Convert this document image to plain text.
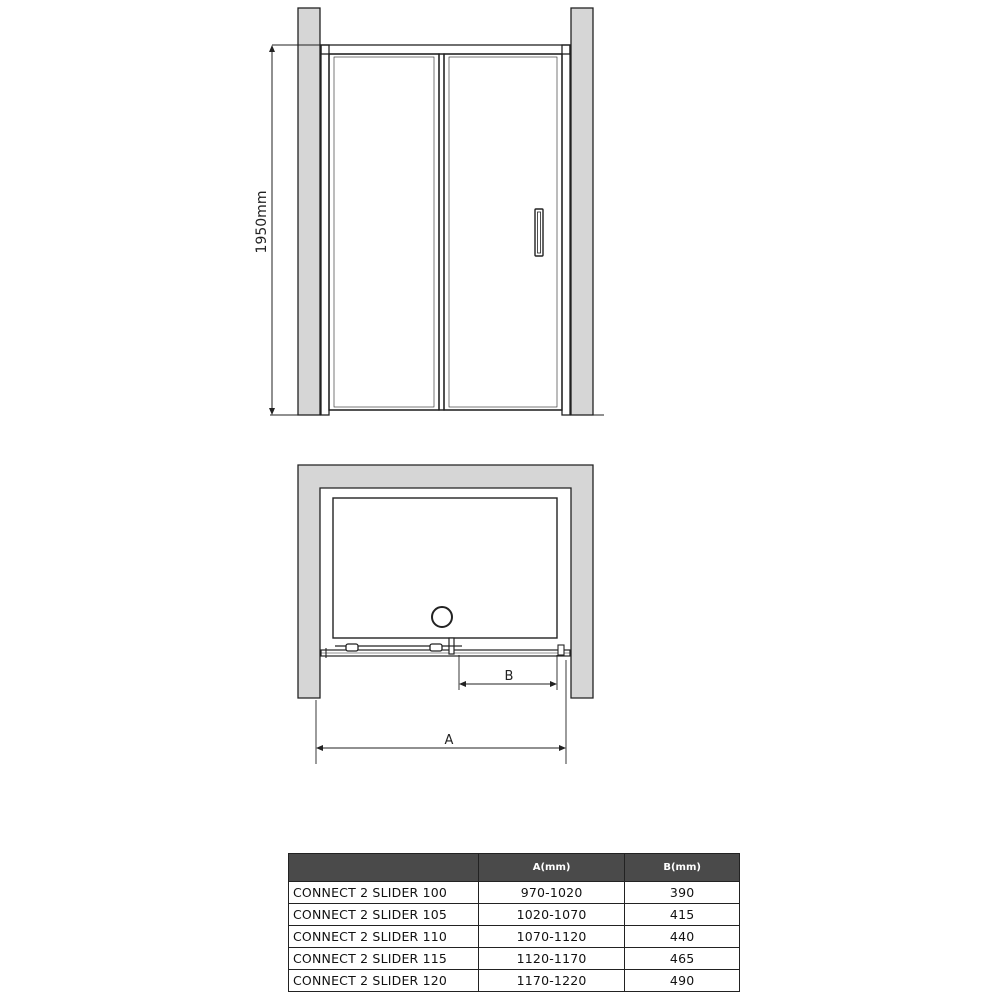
1950mm
B
A
	A(mm)	B(mm)
CONNECT 2 SLIDER 100	970-1020	390
CONNECT 2 SLIDER 105	1020-1070	415
CONNECT 2 SLIDER 110	1070-1120	440
CONNECT 2 SLIDER 115	1120-1170	465
CONNECT 2 SLIDER 120	1170-1220	490
